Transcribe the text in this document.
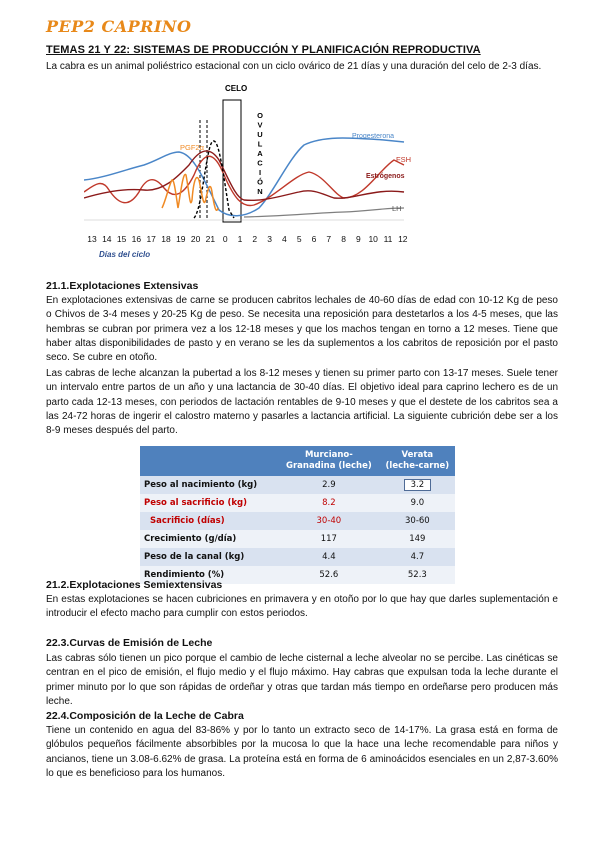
PEP2 CAPRINO
TEMAS 21 Y 22: SISTEMAS DE PRODUCCIÓN Y PLANIFICACIÓN REPRODUCTIVA

La cabra es un animal poliéstrico estacional con un ciclo ovárico de 21 días y una duración del celo de 2-3 días.

CELO
O
V
U
L
A
C
I
Ó
N
Progesterona
FSH
Estrógenos
LH
PGF2α
13 14 15 16 17 18 19 20 21 0 1 2 3 4 5 6 7 8 9 10 11 12
Días del ciclo

21.1.Explotaciones Extensivas

En explotaciones extensivas de carne se producen cabritos lechales de 40-60 días de edad con 10-12 Kg de peso o Chivos de 3-4 meses y 20-25 Kg de peso. Se necesita una reposición para destetarlos a los 4-5 meses, que las hembras se cubran por primera vez a los 12-18 meses y que los machos tengan en torno a 12 meses. Tiene que haber altas disponibilidades de pasto y en verano se les da suplementos a los cabritos de reposición por el pasto seco. Se cubre en otoño.

Las cabras de leche alcanzan la pubertad a los 8-12 meses y tienen su primer parto con 13-17 meses. Suele tener un intervalo entre partos de un año y una lactancia de 30-40 días. El objetivo ideal para caprino lechero es de un parto cada 12-13 meses, con periodos de lactación rentables de 9-10 meses y que el destete de los cabritos sea a las 24-72 horas de ingerir el calostro materno y pasarles a lactancia artificial. La siguiente cubrición debe ser a los 8-9 meses después del parto.

	Murciano-Granadina (leche)	Verata (leche-carne)
Peso al nacimiento (kg)	2.9	3.2
Peso al sacrificio (kg)	8.2	9.0
Sacrificio (días)	30-40	30-60
Crecimiento (g/día)	117	149
Peso de la canal (kg)	4.4	4.7
Rendimiento (%)	52.6	52.3

21.2.Explotaciones Semiextensivas

En estas explotaciones se hacen cubriciones en primavera y en otoño por lo que hay que darles suplementación e introducir el efecto macho para cumplir con estos periodos.

22.3.Curvas de Emisión de Leche

Las cabras sólo tienen un pico porque el cambio de leche cisternal a leche alveolar no se percibe. Las cinéticas se centran en el pico de emisión, el flujo medio y el flujo máximo. Hay cabras que expulsan toda la leche durante el primer minuto por lo que son rápidas de ordeñar y otras que tardan más tiempo en ordeñarse pero producen más leche.

22.4.Composición de la Leche de Cabra

Tiene un contenido en agua del 83-86% y por lo tanto un extracto seco de 14-17%. La grasa está en forma de glóbulos pequeños fácilmente absorbibles por la mucosa lo que la hace una leche recomendable para niños y ancianos, tiene un 3.08-6.62% de grasa. La proteína está en forma de 6 aminoácidos esenciales en un 2,87-3.60% lo que es beneficioso para los humanos.
